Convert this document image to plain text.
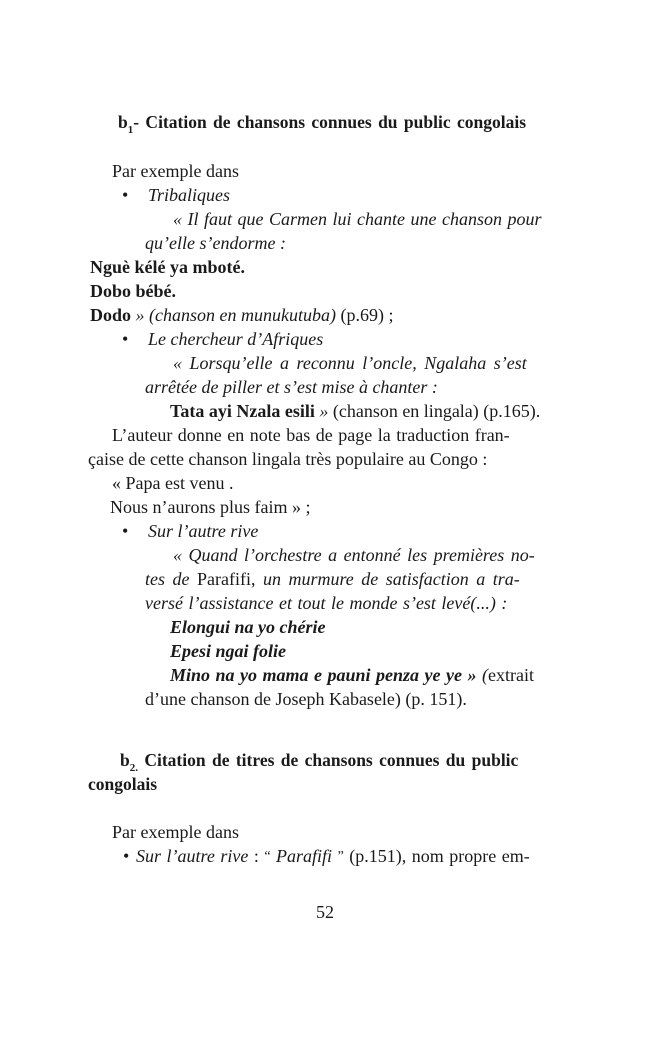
$b_1-$ Citation de chansons connues du public congolais
Par exemple dans
• Tribaliques
« Il faut que Carmen lui chante une chanson pour
qu’elle s’endorme :
Nguè kélé ya mboté.
Dobo bébé.
Dodo » (chanson en munukutuba) (p.69) ;
• Le chercheur d’Afriques
« Lorsqu’elle a reconnu l’oncle, Ngalaha s’est
arrêtée de piller et s’est mise à chanter :
Tata ayi Nzala esili » (chanson en lingala) (p.165).
L’auteur donne en note bas de page la traduction fran-
çaise de cette chanson lingala très populaire au Congo :
« Papa est venu .
Nous n’aurons plus faim » ;
• Sur l’autre rive
« Quand l’orchestre a entonné les premières no-
tes de Parafifi, un murmure de satisfaction a tra-
versé l’assistance et tout le monde s’est levé(...) :
Elongui na yo chérie
Epesi ngai folie
Mino na yo mama e pauni penza ye ye » (extrait
d’une chanson de Joseph Kabasele) (p. 151).
$b_{2.}$ Citation de titres de chansons connues du public
congolais
Par exemple dans
• Sur l’autre rive : “ Parafifi ” (p.151), nom propre em-
52
